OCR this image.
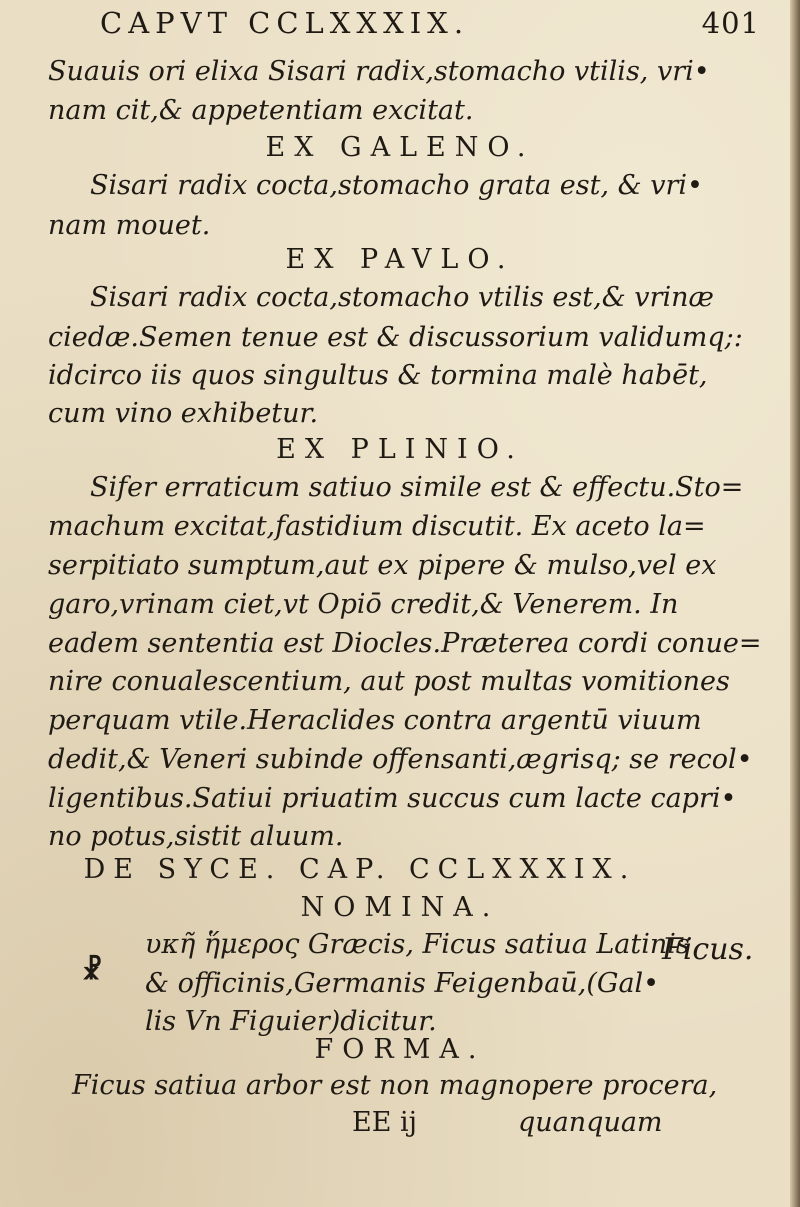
CAPVT CCLXXXIX.	401
Suauis ori elixa Sisari radix,stomacho vtilis, vri•
nam cit,& appetentiam excitat.
EX GALENO.
Sisari radix cocta,stomacho grata est, & vri•
nam mouet.
EX PAVLO.
Sisari radix cocta,stomacho vtilis est,& vrinæ
ciedæ.Semen tenue est & discussorium validumq;:
idcirco iis quos singultus & tormina malè habēt,
cum vino exhibetur.
EX PLINIO.
Sifer erraticum satiuo simile est & effectu.Sto=
machum excitat,fastidium discutit. Ex aceto la=
serpitiato sumptum,aut ex pipere & mulso,vel ex
garo,vrinam ciet,vt Opiō credit,& Venerem. In
eadem sententia est Diocles.Præterea cordi conue=
nire conualescentium, aut post multas vomitiones
perquam vtile.Heraclides contra argentū viuum
dedit,& Veneri subinde offensanti,ægrisq; se recol•
ligentibus.Satiui priuatim succus cum lacte capri•
no potus,sistit aluum.
DE SYCE. CAP. CCLXXXIX.
NOMINA.
υκῆ ἥμερος Græcis, Ficus satiua Latinis
☧ & officinis,Germanis Feigenbaū,(Gal•
lis Vn Figuier)dicitur.
Ficus.
FORMA.
Ficus satiua arbor est non magnopere procera,
EE ij	quanquam
